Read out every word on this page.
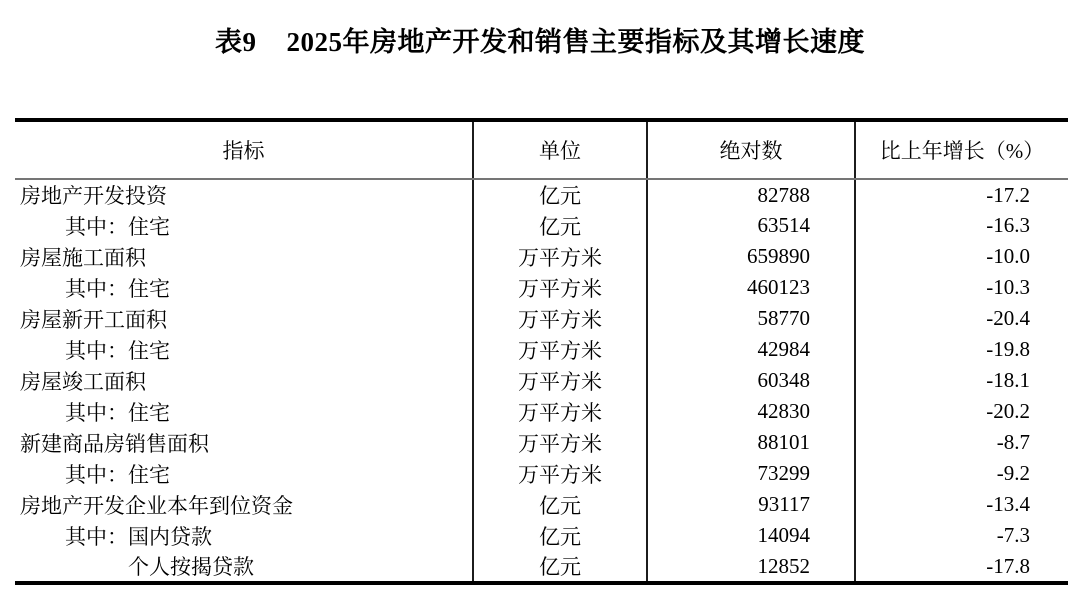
表9 2025年房地产开发和销售主要指标及其增长速度
指标	单位	绝对数	比上年增长（%）
房地产开发投资	亿元	82788	-17.2
其中：住宅	亿元	63514	-16.3
房屋施工面积	万平方米	659890	-10.0
其中：住宅	万平方米	460123	-10.3
房屋新开工面积	万平方米	58770	-20.4
其中：住宅	万平方米	42984	-19.8
房屋竣工面积	万平方米	60348	-18.1
其中：住宅	万平方米	42830	-20.2
新建商品房销售面积	万平方米	88101	-8.7
其中：住宅	万平方米	73299	-9.2
房地产开发企业本年到位资金	亿元	93117	-13.4
其中：国内贷款	亿元	14094	-7.3
个人按揭贷款	亿元	12852	-17.8
